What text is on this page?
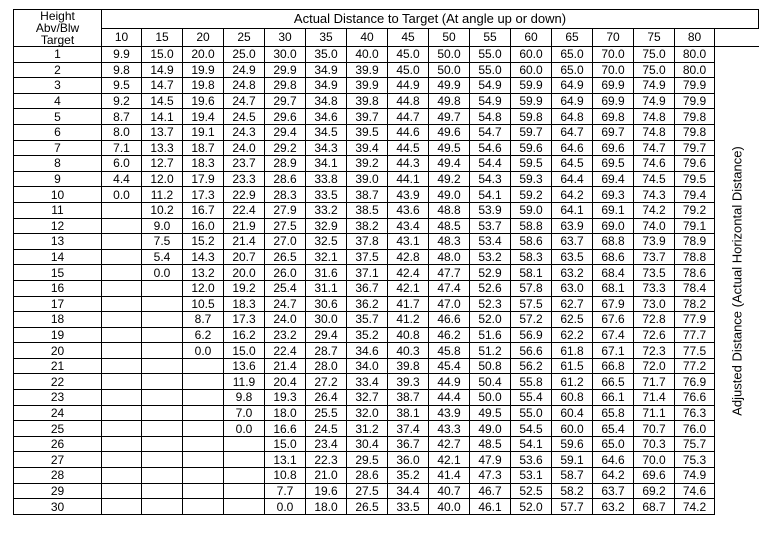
Height
Abv/Blw
Target	Actual Distance to Target (At angle up or down)															
	10	15	20	25	30	35	40	45	50	55	60	65	70	75	80	
1	9.9	15.0	20.0	25.0	30.0	35.0	40.0	45.0	50.0	55.0	60.0	65.0	70.0	75.0	80.0	Adjusted Distance (Actual Horizontal Distance)

2	9.8	14.9	19.9	24.9	29.9	34.9	39.9	45.0	50.0	55.0	60.0	65.0	70.0	75.0	80.0	
3	9.5	14.7	19.8	24.8	29.8	34.9	39.9	44.9	49.9	54.9	59.9	64.9	69.9	74.9	79.9	
4	9.2	14.5	19.6	24.7	29.7	34.8	39.8	44.8	49.8	54.9	59.9	64.9	69.9	74.9	79.9	
5	8.7	14.1	19.4	24.5	29.6	34.6	39.7	44.7	49.7	54.8	59.8	64.8	69.8	74.8	79.8	
6	8.0	13.7	19.1	24.3	29.4	34.5	39.5	44.6	49.6	54.7	59.7	64.7	69.7	74.8	79.8	
7	7.1	13.3	18.7	24.0	29.2	34.3	39.4	44.5	49.5	54.6	59.6	64.6	69.6	74.7	79.7	
8	6.0	12.7	18.3	23.7	28.9	34.1	39.2	44.3	49.4	54.4	59.5	64.5	69.5	74.6	79.6	
9	4.4	12.0	17.9	23.3	28.6	33.8	39.0	44.1	49.2	54.3	59.3	64.4	69.4	74.5	79.5	
10	0.0	11.2	17.3	22.9	28.3	33.5	38.7	43.9	49.0	54.1	59.2	64.2	69.3	74.3	79.4	
11		10.2	16.7	22.4	27.9	33.2	38.5	43.6	48.8	53.9	59.0	64.1	69.1	74.2	79.2	
12		9.0	16.0	21.9	27.5	32.9	38.2	43.4	48.5	53.7	58.8	63.9	69.0	74.0	79.1	
13		7.5	15.2	21.4	27.0	32.5	37.8	43.1	48.3	53.4	58.6	63.7	68.8	73.9	78.9	
14		5.4	14.3	20.7	26.5	32.1	37.5	42.8	48.0	53.2	58.3	63.5	68.6	73.7	78.8	
15		0.0	13.2	20.0	26.0	31.6	37.1	42.4	47.7	52.9	58.1	63.2	68.4	73.5	78.6	
16			12.0	19.2	25.4	31.1	36.7	42.1	47.4	52.6	57.8	63.0	68.1	73.3	78.4	
17			10.5	18.3	24.7	30.6	36.2	41.7	47.0	52.3	57.5	62.7	67.9	73.0	78.2	
18			8.7	17.3	24.0	30.0	35.7	41.2	46.6	52.0	57.2	62.5	67.6	72.8	77.9	
19			6.2	16.2	23.2	29.4	35.2	40.8	46.2	51.6	56.9	62.2	67.4	72.6	77.7	
20			0.0	15.0	22.4	28.7	34.6	40.3	45.8	51.2	56.6	61.8	67.1	72.3	77.5	
21				13.6	21.4	28.0	34.0	39.8	45.4	50.8	56.2	61.5	66.8	72.0	77.2	
22				11.9	20.4	27.2	33.4	39.3	44.9	50.4	55.8	61.2	66.5	71.7	76.9	
23				9.8	19.3	26.4	32.7	38.7	44.4	50.0	55.4	60.8	66.1	71.4	76.6	
24				7.0	18.0	25.5	32.0	38.1	43.9	49.5	55.0	60.4	65.8	71.1	76.3	
25				0.0	16.6	24.5	31.2	37.4	43.3	49.0	54.5	60.0	65.4	70.7	76.0	
26					15.0	23.4	30.4	36.7	42.7	48.5	54.1	59.6	65.0	70.3	75.7	
27					13.1	22.3	29.5	36.0	42.1	47.9	53.6	59.1	64.6	70.0	75.3	
28					10.8	21.0	28.6	35.2	41.4	47.3	53.1	58.7	64.2	69.6	74.9	
29					7.7	19.6	27.5	34.4	40.7	46.7	52.5	58.2	63.7	69.2	74.6	
30					0.0	18.0	26.5	33.5	40.0	46.1	52.0	57.7	63.2	68.7	74.2	
